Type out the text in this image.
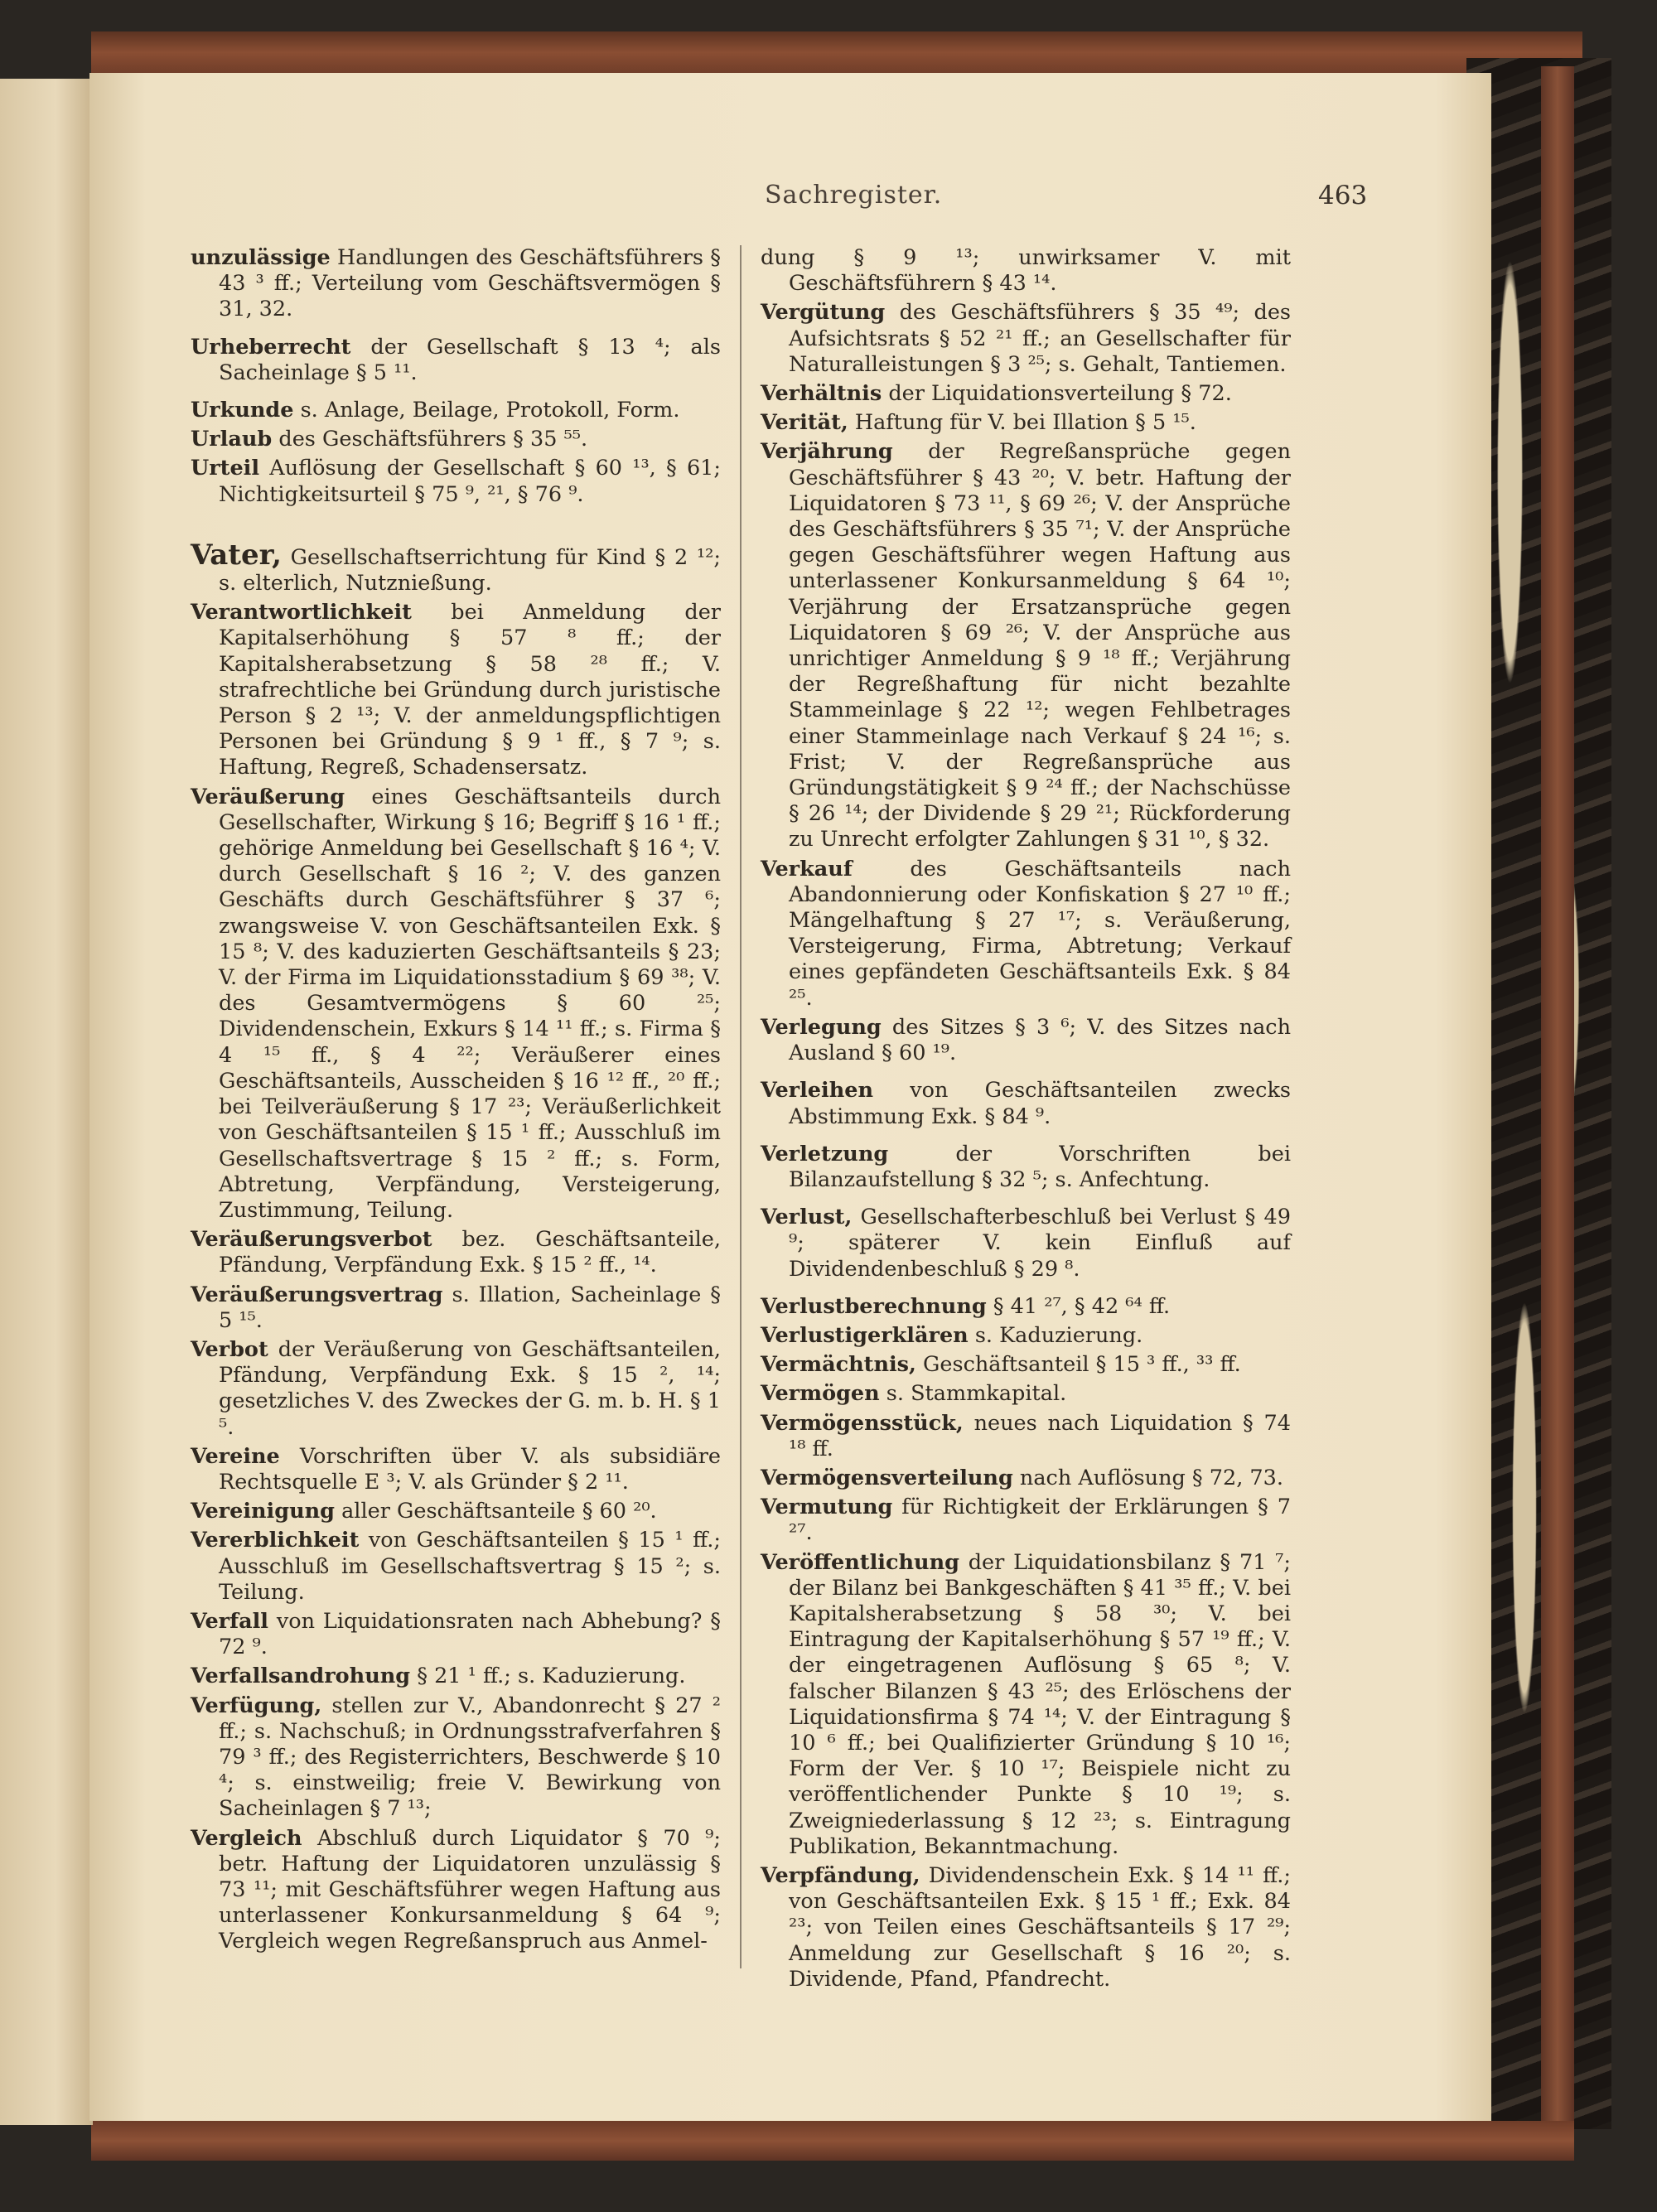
Sachregister.	463

unzulässige Handlungen des Geschäftsführers § 43 ³ ff.; Verteilung vom Geschäftsvermögen § 31, 32.

Urheberrecht der Gesellschaft § 13 ⁴; als Sacheinlage § 5 ¹¹.

Urkunde s. Anlage, Beilage, Protokoll, Form.

Urlaub des Geschäftsführers § 35 ⁵⁵.

Urteil Auflösung der Gesellschaft § 60 ¹³, § 61; Nichtigkeitsurteil § 75 ⁹, ²¹, § 76 ⁹.

Vater, Gesellschaftserrichtung für Kind § 2 ¹²; s. elterlich, Nutznießung.

Verantwortlichkeit bei Anmeldung der Kapitalserhöhung § 57 ⁸ ff.; der Kapitalsherabsetzung § 58 ²⁸ ff.; V. strafrechtliche bei Gründung durch juristische Person § 2 ¹³; V. der anmeldungspflichtigen Personen bei Gründung § 9 ¹ ff., § 7 ⁹; s. Haftung, Regreß, Schadensersatz.

Veräußerung eines Geschäftsanteils durch Gesellschafter, Wirkung § 16; Begriff § 16 ¹ ff.; gehörige Anmeldung bei Gesellschaft § 16 ⁴; V. durch Gesellschaft § 16 ²; V. des ganzen Geschäfts durch Geschäftsführer § 37 ⁶; zwangsweise V. von Geschäftsanteilen Exk. § 15 ⁸; V. des kaduzierten Geschäftsanteils § 23; V. der Firma im Liquidationsstadium § 69 ³⁸; V. des Gesamtvermögens § 60 ²⁵; Dividendenschein, Exkurs § 14 ¹¹ ff.; s. Firma § 4 ¹⁵ ff., § 4 ²²; Veräußerer eines Geschäftsanteils, Ausscheiden § 16 ¹² ff., ²⁰ ff.; bei Teilveräußerung § 17 ²³; Veräußerlichkeit von Geschäftsanteilen § 15 ¹ ff.; Ausschluß im Gesellschaftsvertrage § 15 ² ff.; s. Form, Abtretung, Verpfändung, Versteigerung, Zustimmung, Teilung.

Veräußerungsverbot bez. Geschäftsanteile, Pfändung, Verpfändung Exk. § 15 ² ff., ¹⁴.

Veräußerungsvertrag s. Illation, Sacheinlage § 5 ¹⁵.

Verbot der Veräußerung von Geschäftsanteilen, Pfändung, Verpfändung Exk. § 15 ², ¹⁴; gesetzliches V. des Zweckes der G. m. b. H. § 1 ⁵.

Vereine Vorschriften über V. als subsidiäre Rechtsquelle E ³; V. als Gründer § 2 ¹¹.

Vereinigung aller Geschäftsanteile § 60 ²⁰.

Vererblichkeit von Geschäftsanteilen § 15 ¹ ff.; Ausschluß im Gesellschaftsvertrag § 15 ²; s. Teilung.

Verfall von Liquidationsraten nach Abhebung? § 72 ⁹.

Verfallsandrohung § 21 ¹ ff.; s. Kaduzierung.

Verfügung, stellen zur V., Abandonrecht § 27 ² ff.; s. Nachschuß; in Ordnungsstrafverfahren § 79 ³ ff.; des Registerrichters, Beschwerde § 10 ⁴; s. einstweilig; freie V. Bewirkung von Sacheinlagen § 7 ¹³;

Vergleich Abschluß durch Liquidator § 70 ⁹; betr. Haftung der Liquidatoren unzulässig § 73 ¹¹; mit Geschäftsführer wegen Haftung aus unterlassener Konkursanmeldung § 64 ⁹; Vergleich wegen Regreßanspruch aus Anmel-

dung § 9 ¹³; unwirksamer V. mit Geschäftsführern § 43 ¹⁴.

Vergütung des Geschäftsführers § 35 ⁴⁹; des Aufsichtsrats § 52 ²¹ ff.; an Gesellschafter für Naturalleistungen § 3 ²⁵; s. Gehalt, Tantiemen.

Verhältnis der Liquidationsverteilung § 72.

Verität, Haftung für V. bei Illation § 5 ¹⁵.

Verjährung der Regreßansprüche gegen Geschäftsführer § 43 ²⁰; V. betr. Haftung der Liquidatoren § 73 ¹¹, § 69 ²⁶; V. der Ansprüche des Geschäftsführers § 35 ⁷¹; V. der Ansprüche gegen Geschäftsführer wegen Haftung aus unterlassener Konkursanmeldung § 64 ¹⁰; Verjährung der Ersatzansprüche gegen Liquidatoren § 69 ²⁶; V. der Ansprüche aus unrichtiger Anmeldung § 9 ¹⁸ ff.; Verjährung der Regreßhaftung für nicht bezahlte Stammeinlage § 22 ¹²; wegen Fehlbetrages einer Stammeinlage nach Verkauf § 24 ¹⁶; s. Frist; V. der Regreßansprüche aus Gründungstätigkeit § 9 ²⁴ ff.; der Nachschüsse § 26 ¹⁴; der Dividende § 29 ²¹; Rückforderung zu Unrecht erfolgter Zahlungen § 31 ¹⁰, § 32.

Verkauf des Geschäftsanteils nach Abandonnierung oder Konfiskation § 27 ¹⁰ ff.; Mängelhaftung § 27 ¹⁷; s. Veräußerung, Versteigerung, Firma, Abtretung; Verkauf eines gepfändeten Geschäftsanteils Exk. § 84 ²⁵.

Verlegung des Sitzes § 3 ⁶; V. des Sitzes nach Ausland § 60 ¹⁹.

Verleihen von Geschäftsanteilen zwecks Abstimmung Exk. § 84 ⁹.

Verletzung der Vorschriften bei Bilanzaufstellung § 32 ⁵; s. Anfechtung.

Verlust, Gesellschafterbeschluß bei Verlust § 49 ⁹; späterer V. kein Einfluß auf Dividendenbeschluß § 29 ⁸.

Verlustberechnung § 41 ²⁷, § 42 ⁶⁴ ff.

Verlustigerklären s. Kaduzierung.

Vermächtnis, Geschäftsanteil § 15 ³ ff., ³³ ff.

Vermögen s. Stammkapital.

Vermögensstück, neues nach Liquidation § 74 ¹⁸ ff.

Vermögensverteilung nach Auflösung § 72, 73.

Vermutung für Richtigkeit der Erklärungen § 7 ²⁷.

Veröffentlichung der Liquidationsbilanz § 71 ⁷; der Bilanz bei Bankgeschäften § 41 ³⁵ ff.; V. bei Kapitalsherabsetzung § 58 ³⁰; V. bei Eintragung der Kapitalserhöhung § 57 ¹⁹ ff.; V. der eingetragenen Auflösung § 65 ⁸; V. falscher Bilanzen § 43 ²⁵; des Erlöschens der Liquidationsfirma § 74 ¹⁴; V. der Eintragung § 10 ⁶ ff.; bei Qualifizierter Gründung § 10 ¹⁶; Form der Ver. § 10 ¹⁷; Beispiele nicht zu veröffentlichender Punkte § 10 ¹⁹; s. Zweigniederlassung § 12 ²³; s. Eintragung Publikation, Bekanntmachung.

Verpfändung, Dividendenschein Exk. § 14 ¹¹ ff.; von Geschäftsanteilen Exk. § 15 ¹ ff.; Exk. 84 ²³; von Teilen eines Geschäftsanteils § 17 ²⁹; Anmeldung zur Gesellschaft § 16 ²⁰; s. Dividende, Pfand, Pfandrecht.
